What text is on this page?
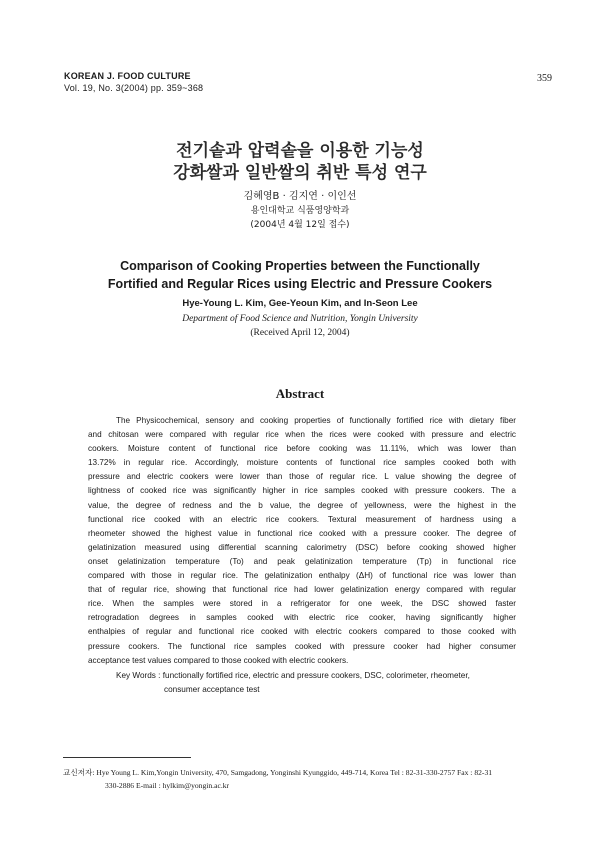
KOREAN J. FOOD CULTURE
Vol. 19, No. 3(2004) pp. 359~368
359
전기솥과 압력솥을 이용한 기능성
강화쌀과 일반쌀의 취반 특성 연구
김혜영B · 김지연 · 이인선
용인대학교 식품영양학과
(2004년 4월 12일 접수)
Comparison of Cooking Properties between the Functionally
Fortified and Regular Rices using Electric and Pressure Cookers
Hye-Young L. Kim, Gee-Yeoun Kim, and In-Seon Lee
Department of Food Science and Nutrition, Yongin University
(Received April 12, 2004)
Abstract
The Physicochemical, sensory and cooking properties of functionally fortified rice with dietary fiber
and chitosan were compared with regular rice when the rices were cooked with pressure and electric
cookers. Moisture content of functional rice before cooking was 11.11%, which was lower than
13.72% in regular rice. Accordingly, moisture contents of functional rice samples cooked both with
pressure and electric cookers were lower than those of regular rice. L value showing the degree of
lightness of cooked rice was significantly higher in rice samples cooked with pressure cookers. The a
value, the degree of redness and the b value, the degree of yellowness, were the highest in the
functional rice cooked with an electric rice cookers. Textural measurement of hardness using a
rheometer showed the highest value in functional rice cooked with a pressure cooker. The degree of
gelatinization measured using differential scanning calorimetry (DSC) before cooking showed higher
onset gelatinization temperature (To) and peak gelatinization temperature (Tp) in functional rice
compared with those in regular rice. The gelatinization enthalpy (ΔH) of functional rice was lower than
that of regular rice, showing that functional rice had lower gelatinization energy compared with regular
rice. When the samples were stored in a refrigerator for one week, the DSC showed faster
retrogradation degrees in samples cooked with electric rice cooker, having significantly higher
enthalpies of regular and functional rice cooked with electric cookers compared to those cooked with
pressure cookers. The functional rice samples cooked with pressure cooker had higher consumer
acceptance test values compared to those cooked with electric cookers.
Key Words : functionally fortified rice, electric and pressure cookers, DSC, colorimeter, rheometer,
consumer acceptance test
교신저자: Hye Young L. Kim,Yongin University, 470, Samgadong, Yonginshi Kyunggido, 449-714, Korea Tel : 82-31-330-2757 Fax : 82-31
330-2886 E-mail : hylkim@yongin.ac.kr
